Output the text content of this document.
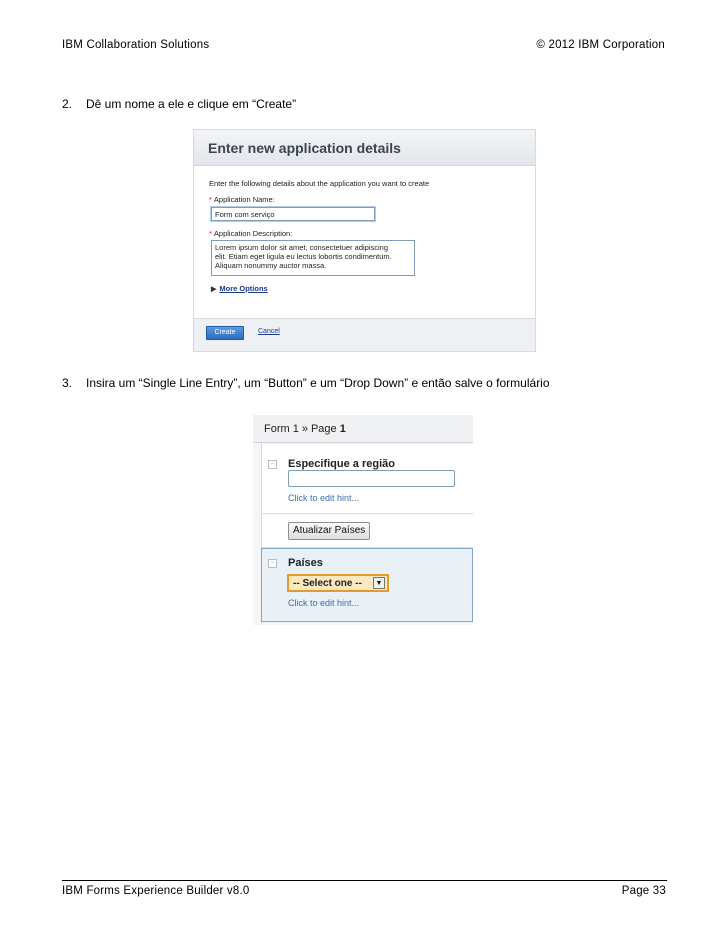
IBM Collaboration Solutions	© 2012 IBM Corporation
2. Dê um nome a ele e clique em “Create”
Enter new application details
Enter the following details about the application you want to create
* Application Name:
Form com serviço
* Application Description:
Lorem ipsum dolor sit amet, consectetuer adipiscing
elit. Etiam eget ligula eu lectus lobortis condimentum.
Aliquam nonummy auctor massa.
▶ More Options
Create	Cancel
3. Insira um “Single Line Entry”, um “Button” e um “Drop Down” e então salve o formulário
Form 1 » Page 1
− Especifique a região
Click to edit hint...
Atualizar Países
− Países
-- Select one --	▼
Click to edit hint...
IBM Forms Experience Builder v8.0	Page 33
